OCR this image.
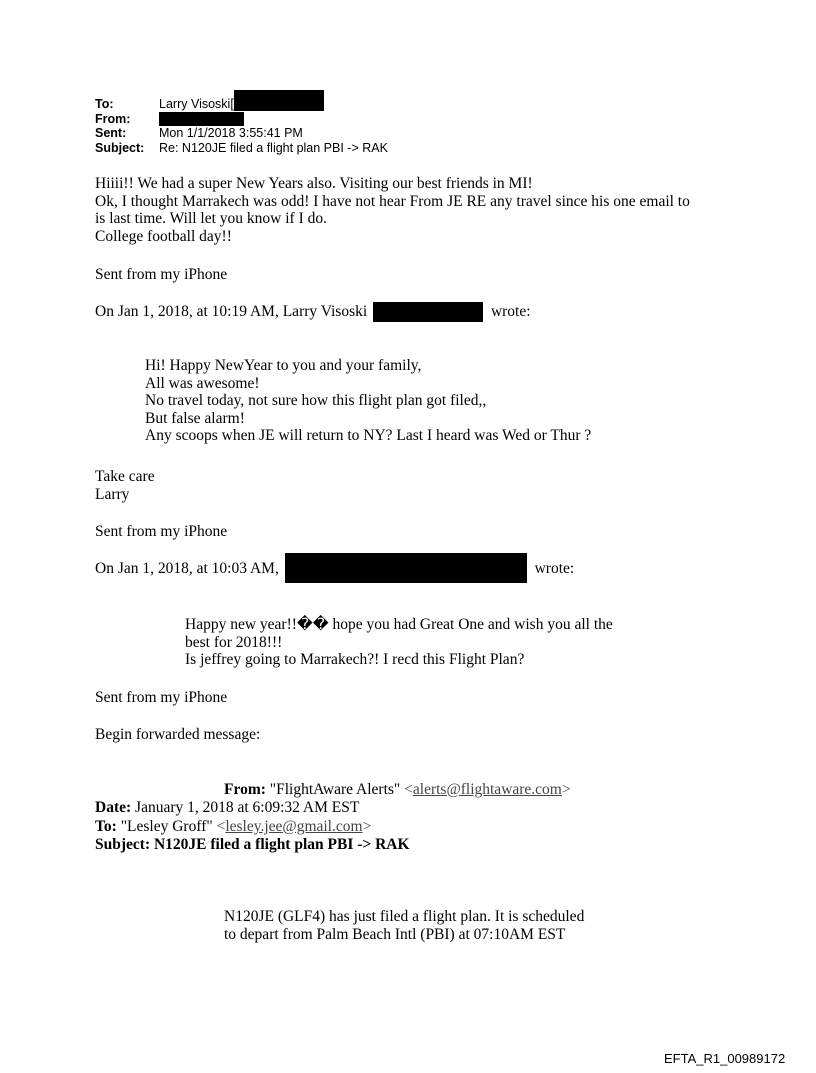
To:	Larry Visoski[
From:
Sent:	Mon 1/1/2018 3:55:41 PM
Subject:	Re: N120JE filed a flight plan PBI -> RAK
Hiiii!! We had a super New Years also. Visiting our best friends in MI!
Ok, I thought Marrakech was odd! I have not hear From JE RE any travel since his one email to
is last time. Will let you know if I do.
College football day!!
Sent from my iPhone
On Jan 1, 2018, at 10:19 AM, Larry Visoski	wrote:
Hi! Happy NewYear to you and your family,
All was awesome!
No travel today, not sure how this flight plan got filed,,
But false alarm!
Any scoops when JE will return to NY? Last I heard was Wed or Thur ?
Take care
Larry
Sent from my iPhone
On Jan 1, 2018, at 10:03 AM,	wrote:
Happy new year!!�� hope you had Great One and wish you all the
best for 2018!!!
Is jeffrey going to Marrakech?! I recd this Flight Plan?
Sent from my iPhone
Begin forwarded message:
From: "FlightAware Alerts" <alerts@flightaware.com>
Date: January 1, 2018 at 6:09:32 AM EST
To: "Lesley Groff" <lesley.jee@gmail.com>
Subject: N120JE filed a flight plan PBI -> RAK
N120JE (GLF4) has just filed a flight plan. It is scheduled
to depart from Palm Beach Intl (PBI) at 07:10AM EST
EFTA_R1_00989172
